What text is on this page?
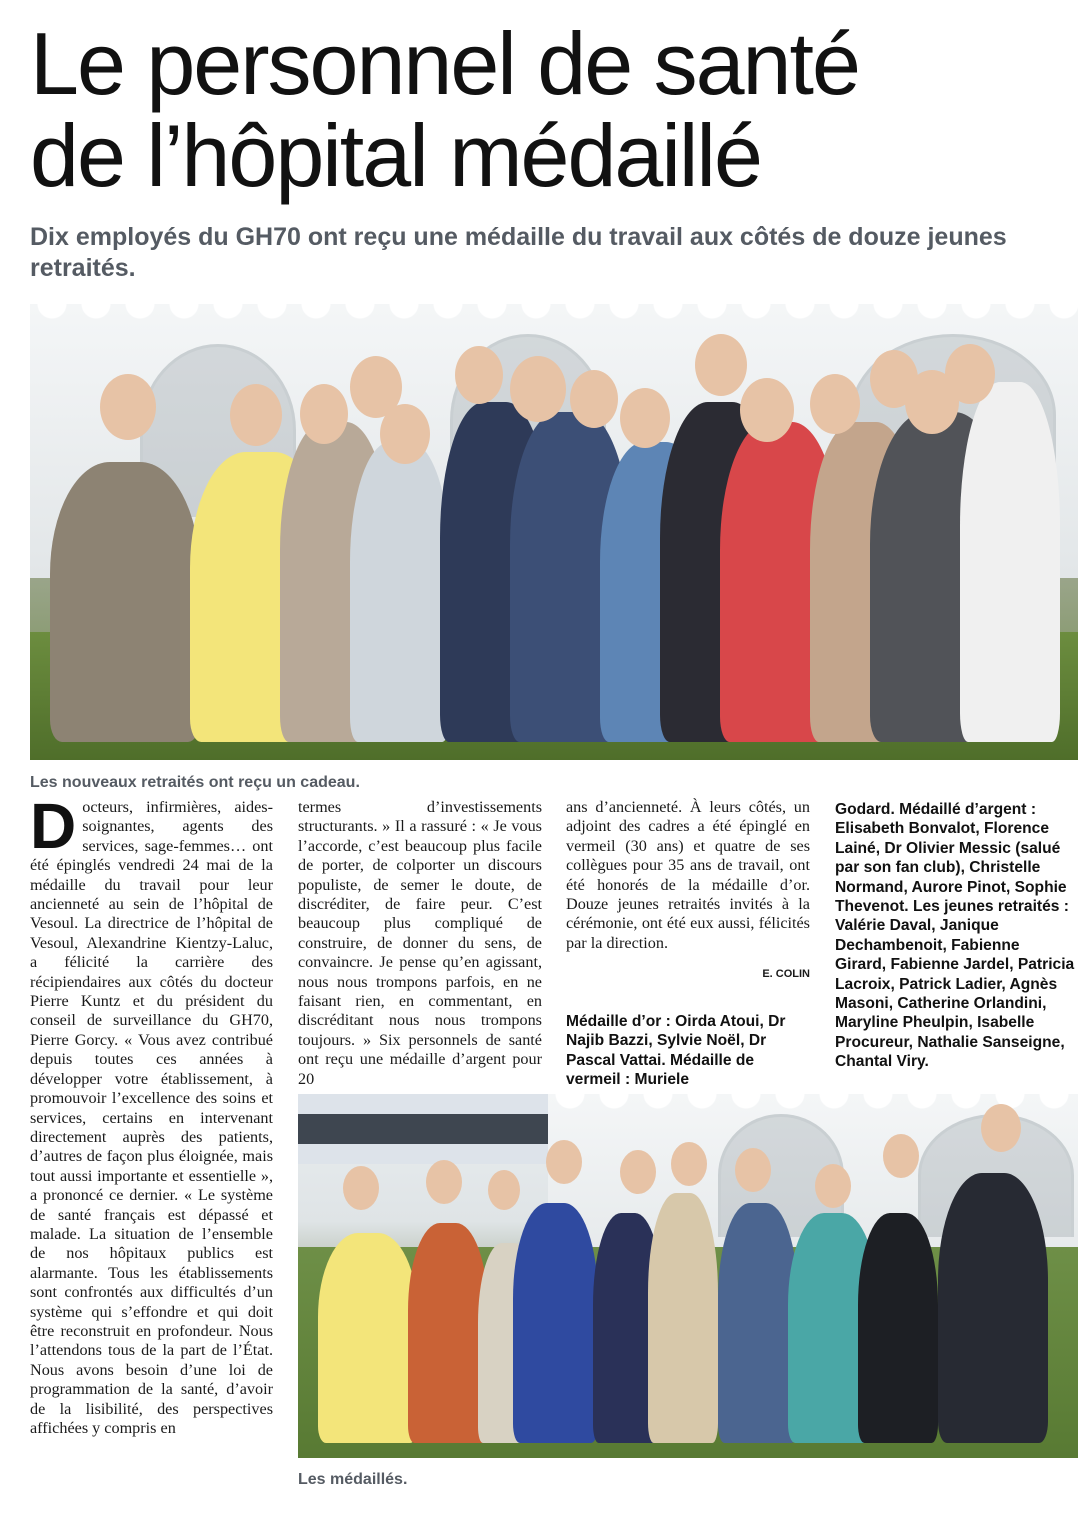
Le personnel de santé
de l’hôpital médaillé
Dix employés du GH70 ont reçu une médaille du travail aux côtés de douze jeunes retraités.
Les nouveaux retraités ont reçu un cadeau.
D octeurs, infirmières, aides-soignantes, agents des services, sage-femmes… ont été épinglés vendredi 24 mai de la médaille du travail pour leur ancienneté au sein de l’hôpital de Vesoul. La directrice de l’hôpital de Vesoul, Alexandrine Kientzy-Laluc, a félicité la carrière des récipiendaires aux côtés du docteur Pierre Kuntz et du président du conseil de surveillance du GH70, Pierre Gorcy. « Vous avez contribué depuis toutes ces années à développer votre établissement, à promouvoir l’excellence des soins et services, certains en intervenant directement auprès des patients, d’autres de façon plus éloignée, mais tout aussi importante et essentielle », a prononcé ce dernier. « Le système de santé français est dépassé et malade. La situation de l’ensemble de nos hôpitaux publics est alarmante. Tous les établissements sont confrontés aux difficultés d’un système qui s’effondre et qui doit être reconstruit en profondeur. Nous l’attendons tous de la part de l’État. Nous avons besoin d’une loi de programmation de la santé, d’avoir de la lisibilité, des perspectives affichées y compris en

termes d’investissements structurants. » Il a rassuré : « Je vous l’accorde, c’est beaucoup plus facile de porter, de colporter un discours populiste, de semer le doute, de discréditer, de faire peur. C’est beaucoup plus compliqué de construire, de donner du sens, de convaincre. Je pense qu’en agissant, nous nous trompons parfois, en ne faisant rien, en commentant, en discréditant nous nous trompons toujours. » Six personnels de santé ont reçu une médaille d’argent pour 20

ans d’ancienneté. À leurs côtés, un adjoint des cadres a été épinglé en vermeil (30 ans) et quatre de ses collègues pour 35 ans de travail, ont été honorés de la médaille d’or. Douze jeunes retraités invités à la cérémonie, ont été eux aussi, félicités par la direction.

E. COLIN

Médaille d’or : Oirda Atoui, Dr Najib Bazzi, Sylvie Noël, Dr Pascal Vattai. Médaille de vermeil : Muriele

Godard. Médaillé d’argent : Elisabeth Bonvalot, Florence Lainé, Dr Olivier Messic (salué par son fan club), Christelle Normand, Aurore Pinot, Sophie Thevenot. Les jeunes retraités : Valérie Daval, Janique Dechambenoit, Fabienne Girard, Fabienne Jardel, Patricia Lacroix, Patrick Ladier, Agnès Masoni, Catherine Orlandini, Maryline Pheulpin, Isabelle Procureur, Nathalie Sanseigne, Chantal Viry.

Les médaillés.
